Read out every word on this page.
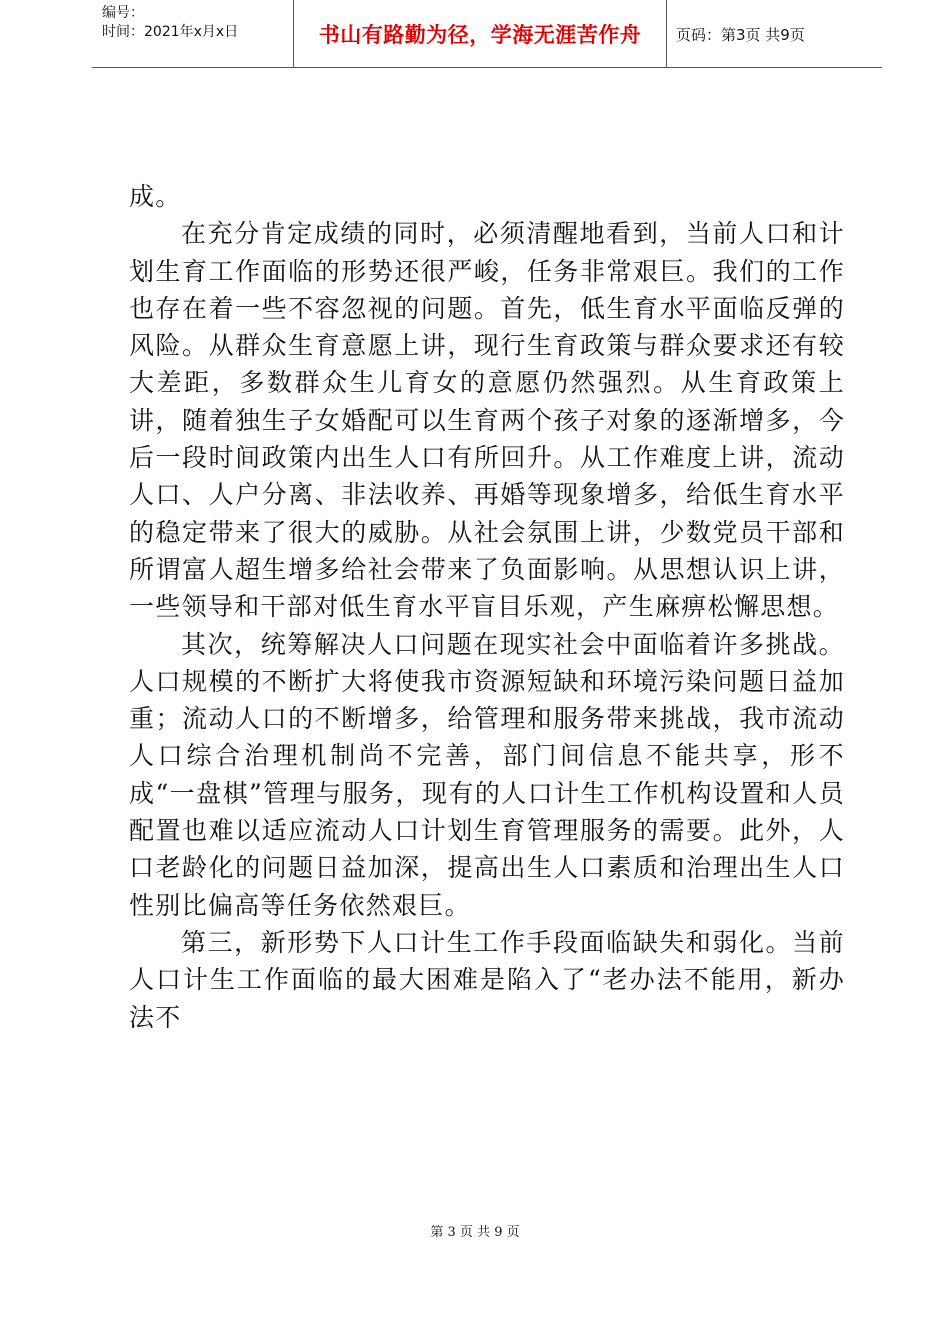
编号：
时间：2021年x月x日	书山有路勤为径，学海无涯苦作舟	页码：第3页 共9页

成。

在充分肯定成绩的同时，必须清醒地看到，当前人口和计划生育工作面临的形势还很严峻，任务非常艰巨。我们的工作也存在着一些不容忽视的问题。首先，低生育水平面临反弹的风险。从群众生育意愿上讲，现行生育政策与群众要求还有较大差距，多数群众生儿育女的意愿仍然强烈。从生育政策上讲，随着独生子女婚配可以生育两个孩子对象的逐渐增多，今后一段时间政策内出生人口有所回升。从工作难度上讲，流动人口、人户分离、非法收养、再婚等现象增多，给低生育水平的稳定带来了很大的威胁。从社会氛围上讲，少数党员干部和所谓富人超生增多给社会带来了负面影响。从思想认识上讲，一些领导和干部对低生育水平盲目乐观，产生麻痹松懈思想。

其次，统筹解决人口问题在现实社会中面临着许多挑战。人口规模的不断扩大将使我市资源短缺和环境污染问题日益加重；流动人口的不断增多，给管理和服务带来挑战，我市流动人口综合治理机制尚不完善，部门间信息不能共享，形不成“一盘棋”管理与服务，现有的人口计生工作机构设置和人员配置也难以适应流动人口计划生育管理服务的需要。此外，人口老龄化的问题日益加深，提高出生人口素质和治理出生人口性别比偏高等任务依然艰巨。

第三，新形势下人口计生工作手段面临缺失和弱化。当前人口计生工作面临的最大困难是陷入了“老办法不能用，新办法不

第 3 页 共 9 页
